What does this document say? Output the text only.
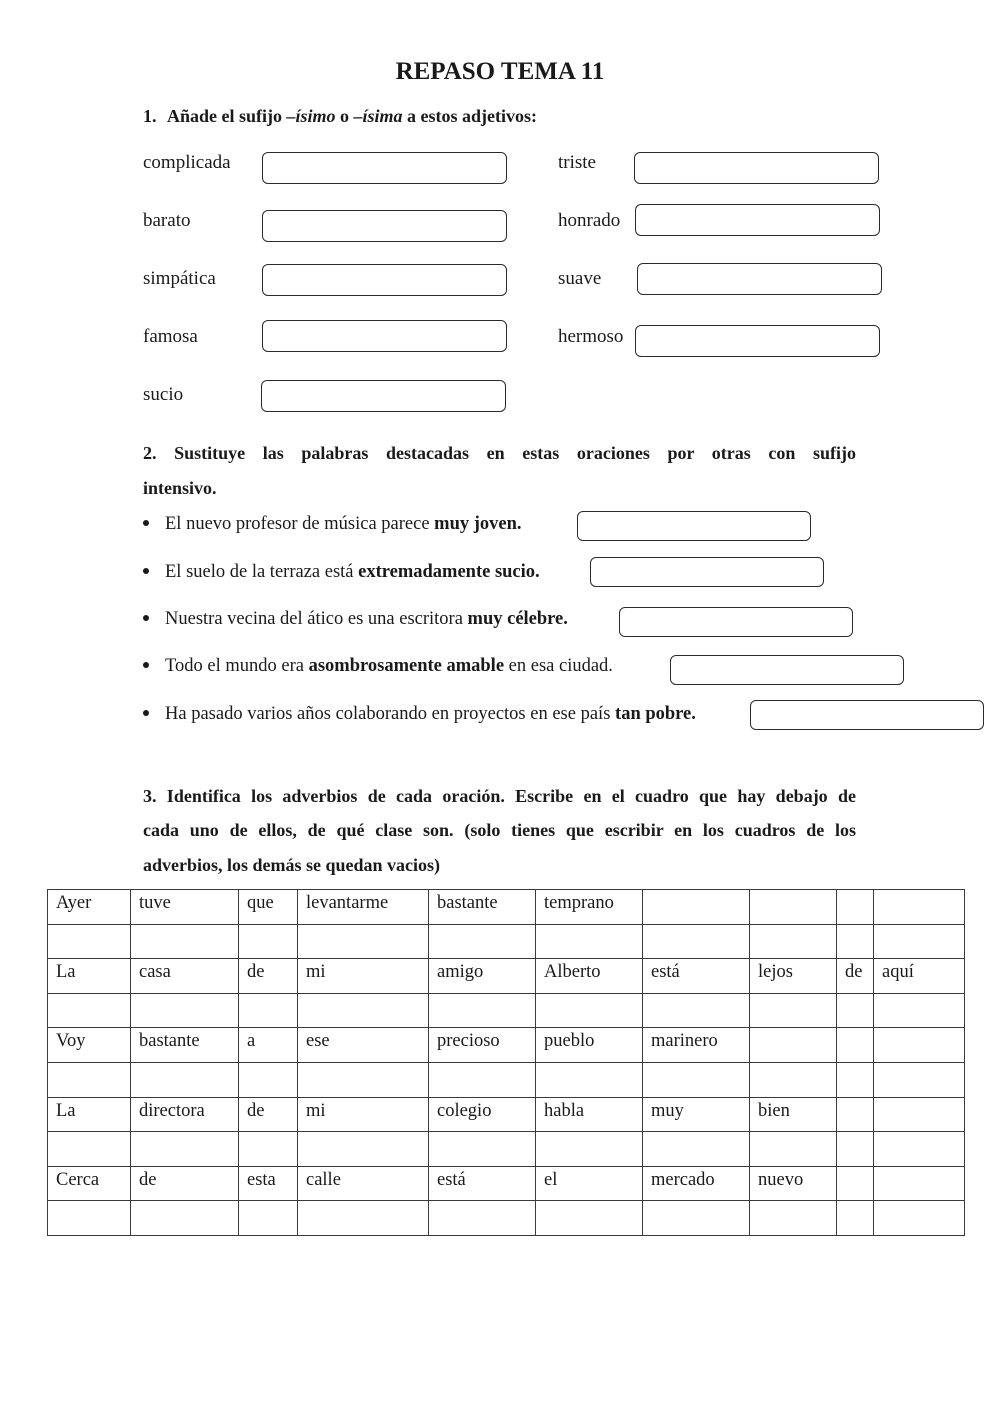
REPASO TEMA 11
1. Añade el sufijo –ísimo o –ísima a estos adjetivos:
complicada
barato
simpática
famosa
sucio
triste
honrado
suave
hermoso
2. Sustituye las palabras destacadas en estas oraciones por otras con sufijo
intensivo.
El nuevo profesor de música parece muy joven.
El suelo de la terraza está extremadamente sucio.
Nuestra vecina del ático es una escritora muy célebre.
Todo el mundo era asombrosamente amable en esa ciudad.
Ha pasado varios años colaborando en proyectos en ese país tan pobre.
3. Identifica los adverbios de cada oración. Escribe en el cuadro que hay debajo de
cada uno de ellos, de qué clase son. (solo tienes que escribir en los cuadros de los
adverbios, los demás se quedan vacios)
Ayer	tuve	que	levantarme	bastante	temprano				

La	casa	de	mi	amigo	Alberto	está	lejos	de	aquí

Voy	bastante	a	ese	precioso	pueblo	marinero			

La	directora	de	mi	colegio	habla	muy	bien		

Cerca	de	esta	calle	está	el	mercado	nuevo		
